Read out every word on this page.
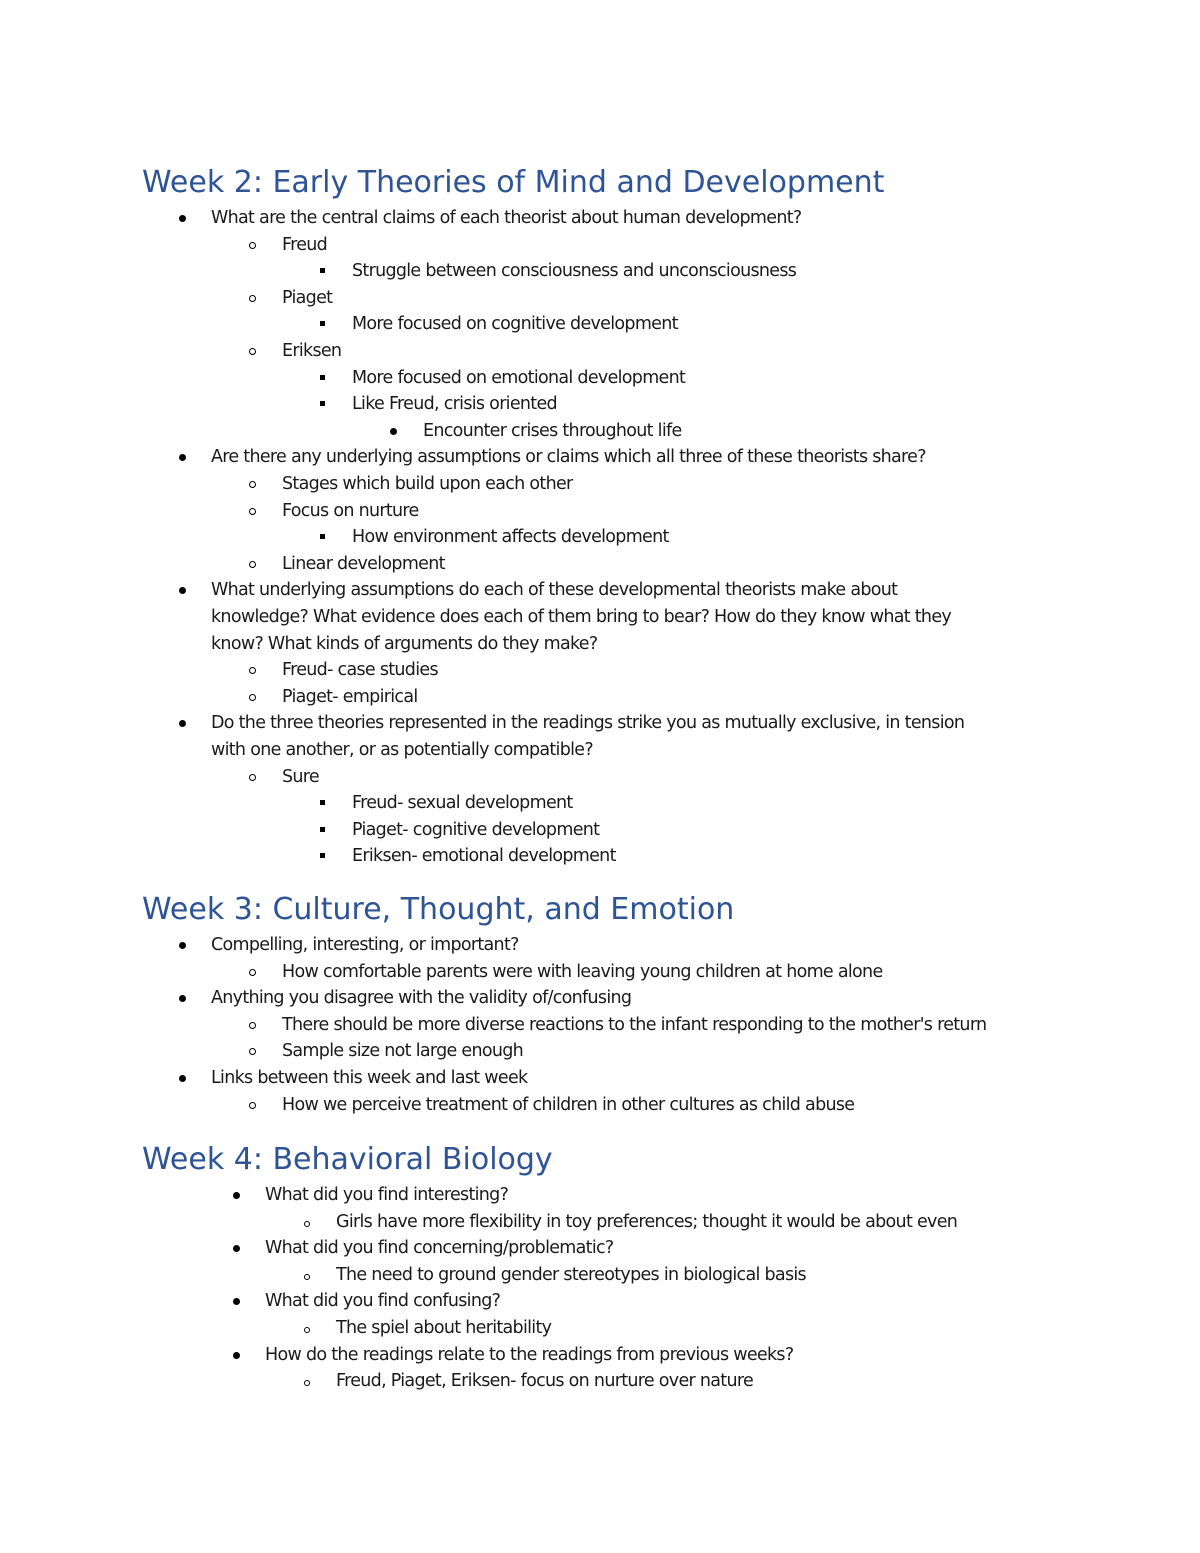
Week 2: Early Theories of Mind and Development
What are the central claims of each theorist about human development?
Freud
Struggle between consciousness and unconsciousness
Piaget
More focused on cognitive development
Eriksen
More focused on emotional development
Like Freud, crisis oriented
Encounter crises throughout life
Are there any underlying assumptions or claims which all three of these theorists share?
Stages which build upon each other
Focus on nurture
How environment affects development
Linear development
What underlying assumptions do each of these developmental theorists make about
knowledge? What evidence does each of them bring to bear? How do they know what they
know? What kinds of arguments do they make?
Freud- case studies
Piaget- empirical
Do the three theories represented in the readings strike you as mutually exclusive, in tension
with one another, or as potentially compatible?
Sure
Freud- sexual development
Piaget- cognitive development
Eriksen- emotional development
Week 3: Culture, Thought, and Emotion
Compelling, interesting, or important?
How comfortable parents were with leaving young children at home alone
Anything you disagree with the validity of/confusing
There should be more diverse reactions to the infant responding to the mother's return
Sample size not large enough
Links between this week and last week
How we perceive treatment of children in other cultures as child abuse
Week 4: Behavioral Biology
What did you find interesting?
Girls have more flexibility in toy preferences; thought it would be about even
What did you find concerning/problematic?
The need to ground gender stereotypes in biological basis
What did you find confusing?
The spiel about heritability
How do the readings relate to the readings from previous weeks?
Freud, Piaget, Eriksen- focus on nurture over nature
